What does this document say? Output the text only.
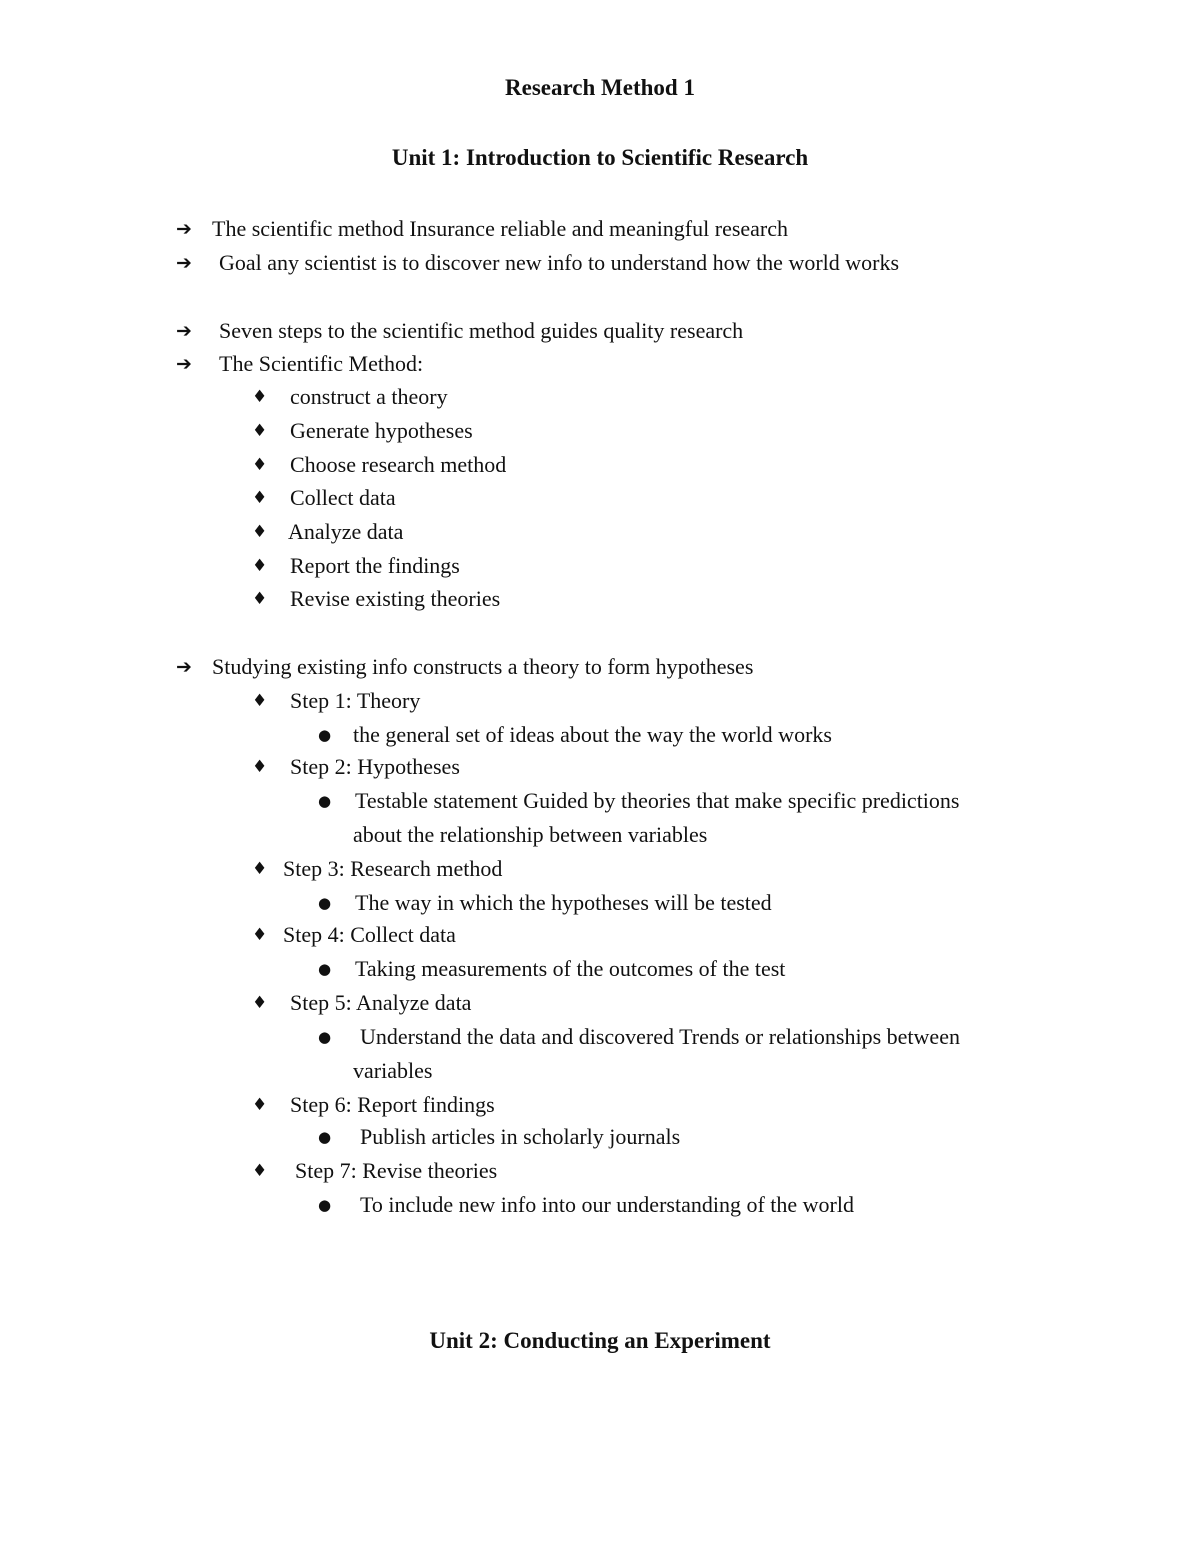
Research Method 1
Unit 1: Introduction to Scientific Research
➔ The scientific method Insurance reliable and meaningful research
➔ Goal any scientist is to discover new info to understand how the world works
➔ Seven steps to the scientific method guides quality research
➔ The Scientific Method:
♦ construct a theory
♦ Generate hypotheses
♦ Choose research method
♦ Collect data
♦ Analyze data
♦ Report the findings
♦ Revise existing theories
➔ Studying existing info constructs a theory to form hypotheses
♦ Step 1: Theory
● the general set of ideas about the way the world works
♦ Step 2: Hypotheses
● Testable statement Guided by theories that make specific predictions
about the relationship between variables
♦ Step 3: Research method
● The way in which the hypotheses will be tested
♦ Step 4: Collect data
● Taking measurements of the outcomes of the test
♦ Step 5: Analyze data
● Understand the data and discovered Trends or relationships between
variables
♦ Step 6: Report findings
● Publish articles in scholarly journals
♦ Step 7: Revise theories
● To include new info into our understanding of the world
Unit 2: Conducting an Experiment
